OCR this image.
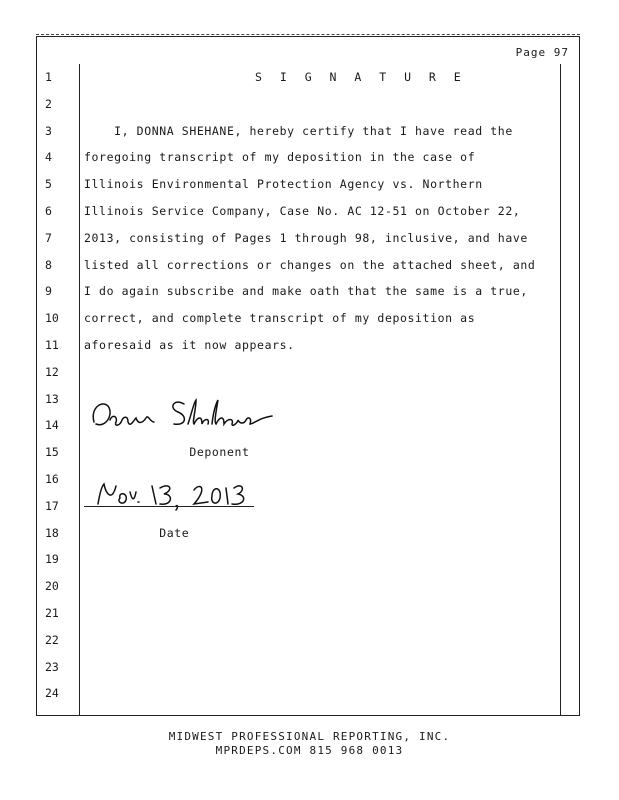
Page 97
S I G N A T U R E
1
2
3	I, DONNA SHEHANE, hereby certify that I have read the
4	foregoing transcript of my deposition in the case of
5	Illinois Environmental Protection Agency vs. Northern
6	Illinois Service Company, Case No. AC 12-51 on October 22,
7	2013, consisting of Pages 1 through 98, inclusive, and have
8	listed all corrections or changes on the attached sheet, and
9	I do again subscribe and make oath that the same is a true,
10	correct, and complete transcript of my deposition as
11	aforesaid as it now appears.
12
13
14
15	Deponent
16
17
18	Date
19
20
21
22
23
24
MIDWEST PROFESSIONAL REPORTING, INC.
MPRDEPS.COM 815 968 0013
